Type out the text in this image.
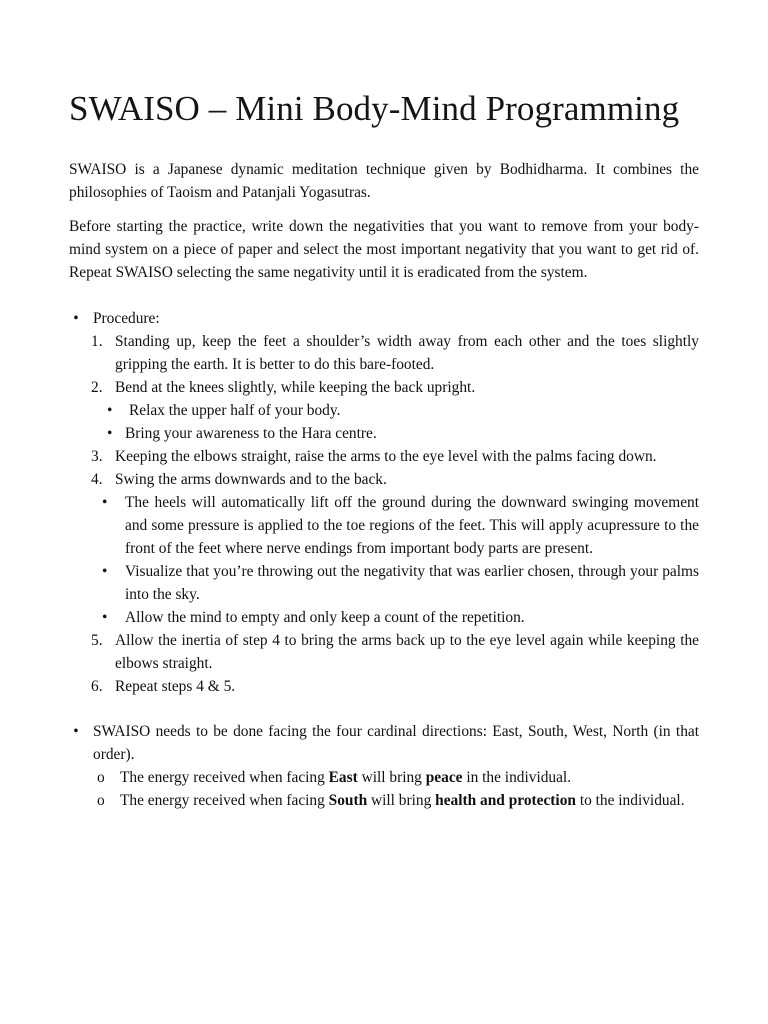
SWAISO – Mini Body-Mind Programming

SWAISO is a Japanese dynamic meditation technique given by Bodhidharma. It combines the philosophies of Taoism and Patanjali Yogasutras.

Before starting the practice, write down the negativities that you want to remove from your body-mind system on a piece of paper and select the most important negativity that you want to get rid of. Repeat SWAISO selecting the same negativity until it is eradicated from the system.

• Procedure:
1. Standing up, keep the feet a shoulder’s width away from each other and the toes slightly gripping the earth. It is better to do this bare-footed.
2. Bend at the knees slightly, while keeping the back upright.
• Relax the upper half of your body.
• Bring your awareness to the Hara centre.
3. Keeping the elbows straight, raise the arms to the eye level with the palms facing down.
4. Swing the arms downwards and to the back.
• The heels will automatically lift off the ground during the downward swinging movement and some pressure is applied to the toe regions of the feet. This will apply acupressure to the front of the feet where nerve endings from important body parts are present.
• Visualize that you’re throwing out the negativity that was earlier chosen, through your palms into the sky.
• Allow the mind to empty and only keep a count of the repetition.
5. Allow the inertia of step 4 to bring the arms back up to the eye level again while keeping the elbows straight.
6. Repeat steps 4 & 5.
• SWAISO needs to be done facing the four cardinal directions: East, South, West, North (in that order).
o The energy received when facing East will bring peace in the individual.
o The energy received when facing South will bring health and protection to the individual.
